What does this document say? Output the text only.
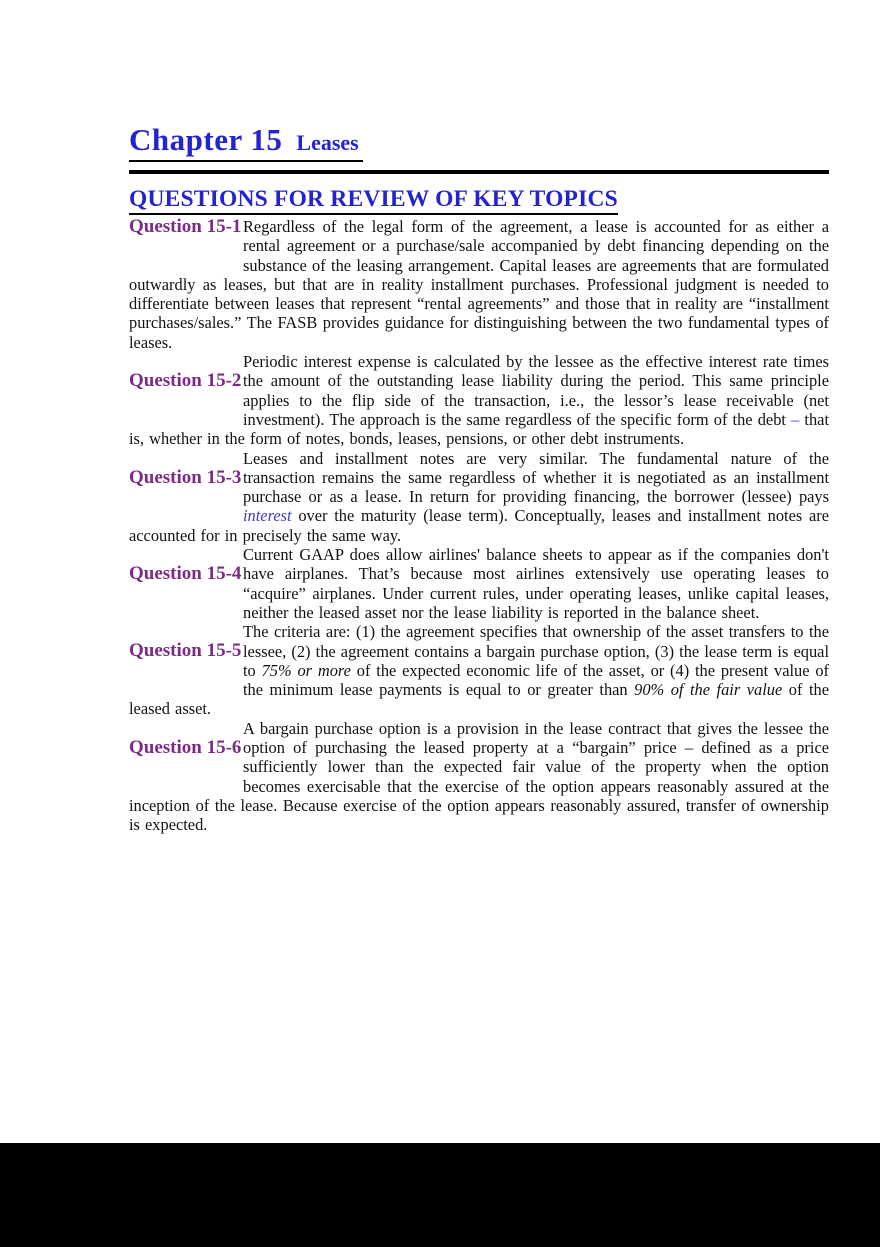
Chapter 15 Leases
QUESTIONS FOR REVIEW OF KEY TOPICS
Question 15-1 Regardless of the legal form of the agreement, a lease is accounted for as either a rental agreement or a purchase/sale accompanied by debt financing depending on the substance of the leasing arrangement. Capital leases are agreements that are formulated outwardly as leases, but that are in reality installment purchases. Professional judgment is needed to differentiate between leases that represent “rental agreements” and those that in reality are “installment purchases/sales.” The FASB provides guidance for distinguishing between the two fundamental types of leases.
Question 15-2
Periodic interest expense is calculated by the lessee as the effective interest rate times the amount of the outstanding lease liability during the period. This same principle applies to the flip side of the transaction, i.e., the lessor’s lease receivable (net investment). The approach is the same regardless of the specific form of the debt – that is, whether in the form of notes, bonds, leases, pensions, or other debt instruments.
Question 15-3
Leases and installment notes are very similar. The fundamental nature of the transaction remains the same regardless of whether it is negotiated as an installment purchase or as a lease. In return for providing financing, the borrower (lessee) pays interest over the maturity (lease term). Conceptually, leases and installment notes are accounted for in precisely the same way.
Question 15-4
Current GAAP does allow airlines' balance sheets to appear as if the companies don't have airplanes. That’s because most airlines extensively use operating leases to “acquire” airplanes. Under current rules, under operating leases, unlike capital leases, neither the leased asset nor the lease liability is reported in the balance sheet.
Question 15-5
The criteria are: (1) the agreement specifies that ownership of the asset transfers to the lessee, (2) the agreement contains a bargain purchase option, (3) the lease term is equal to 75% or more of the expected economic life of the asset, or (4) the present value of the minimum lease payments is equal to or greater than 90% of the fair value of the leased asset.
Question 15-6
A bargain purchase option is a provision in the lease contract that gives the lessee the option of purchasing the leased property at a “bargain” price – defined as a price sufficiently lower than the expected fair value of the property when the option becomes exercisable that the exercise of the option appears reasonably assured at the inception of the lease. Because exercise of the option appears reasonably assured, transfer of ownership is expected.
